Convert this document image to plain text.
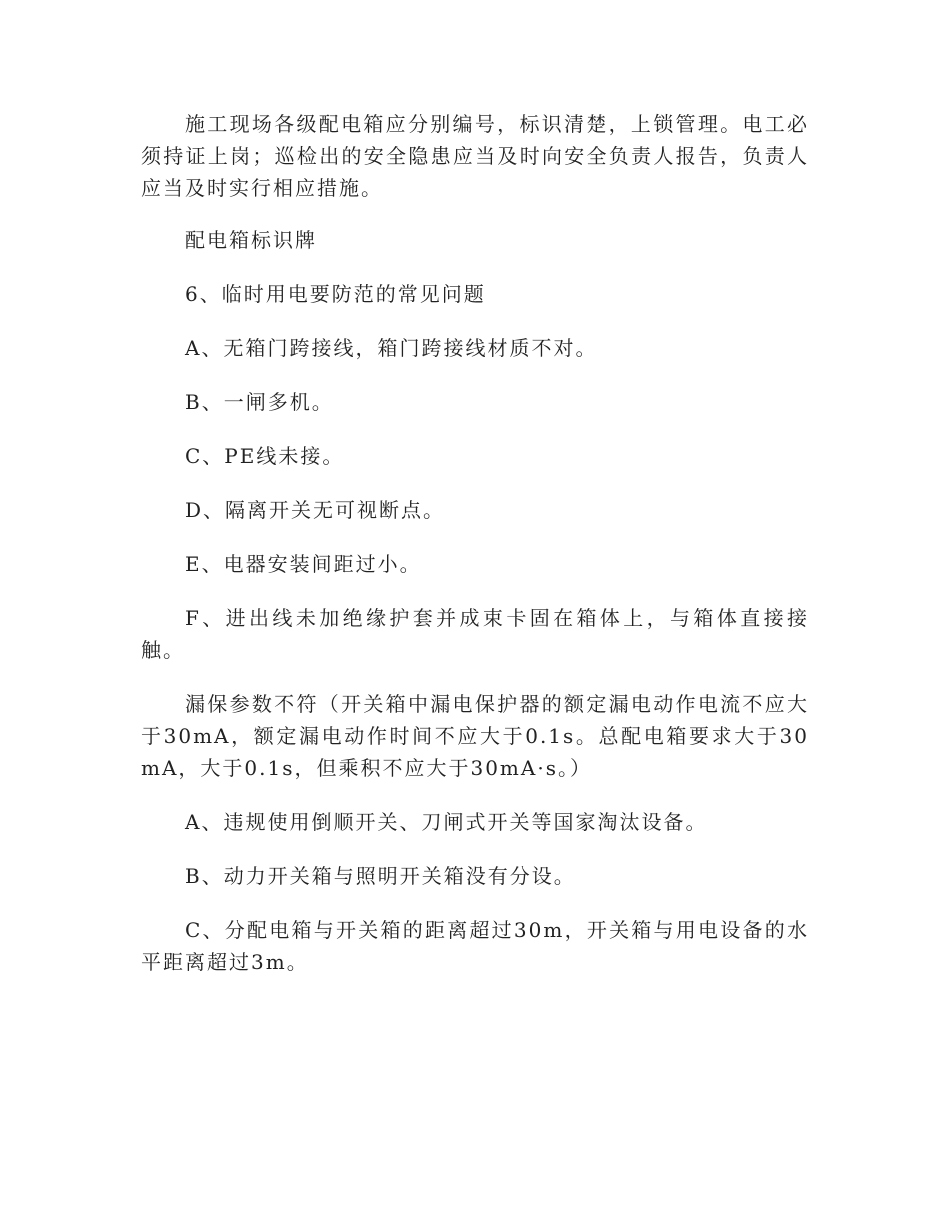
施工现场各级配电箱应分别编号，标识清楚，上锁管理。电工必须持证上岗；巡检出的安全隐患应当及时向安全负责人报告，负责人应当及时实行相应措施。

配电箱标识牌

6、临时用电要防范的常见问题

A、无箱门跨接线，箱门跨接线材质不对。

B、一闸多机。

C、PE线未接。

D、隔离开关无可视断点。

E、电器安装间距过小。

F、进出线未加绝缘护套并成束卡固在箱体上，与箱体直接接触。

漏保参数不符（开关箱中漏电保护器的额定漏电动作电流不应大于30mA，额定漏电动作时间不应大于0.1s。总配电箱要求大于30mA，大于0.1s，但乘积不应大于30mA·s。）

A、违规使用倒顺开关、刀闸式开关等国家淘汰设备。

B、动力开关箱与照明开关箱没有分设。

C、分配电箱与开关箱的距离超过30m，开关箱与用电设备的水平距离超过3m。
